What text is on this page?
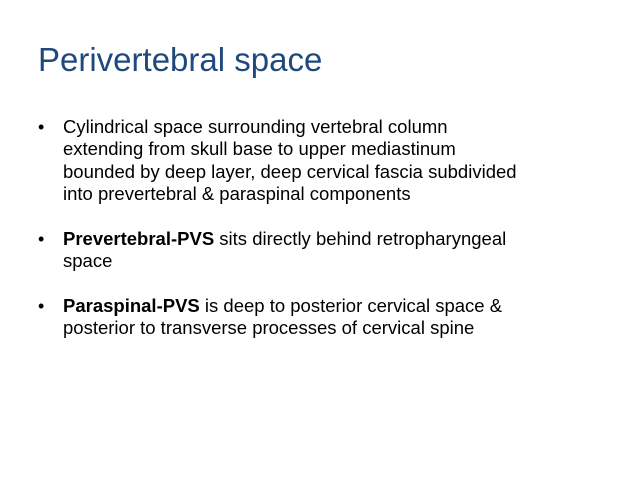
Perivertebral space
•	Cylindrical space surrounding vertebral column
extending from skull base to upper mediastinum
bounded by deep layer, deep cervical fascia subdivided
into prevertebral & paraspinal components
•	Prevertebral-PVS sits directly behind retropharyngeal
space
•	Paraspinal-PVS is deep to posterior cervical space &
posterior to transverse processes of cervical spine
